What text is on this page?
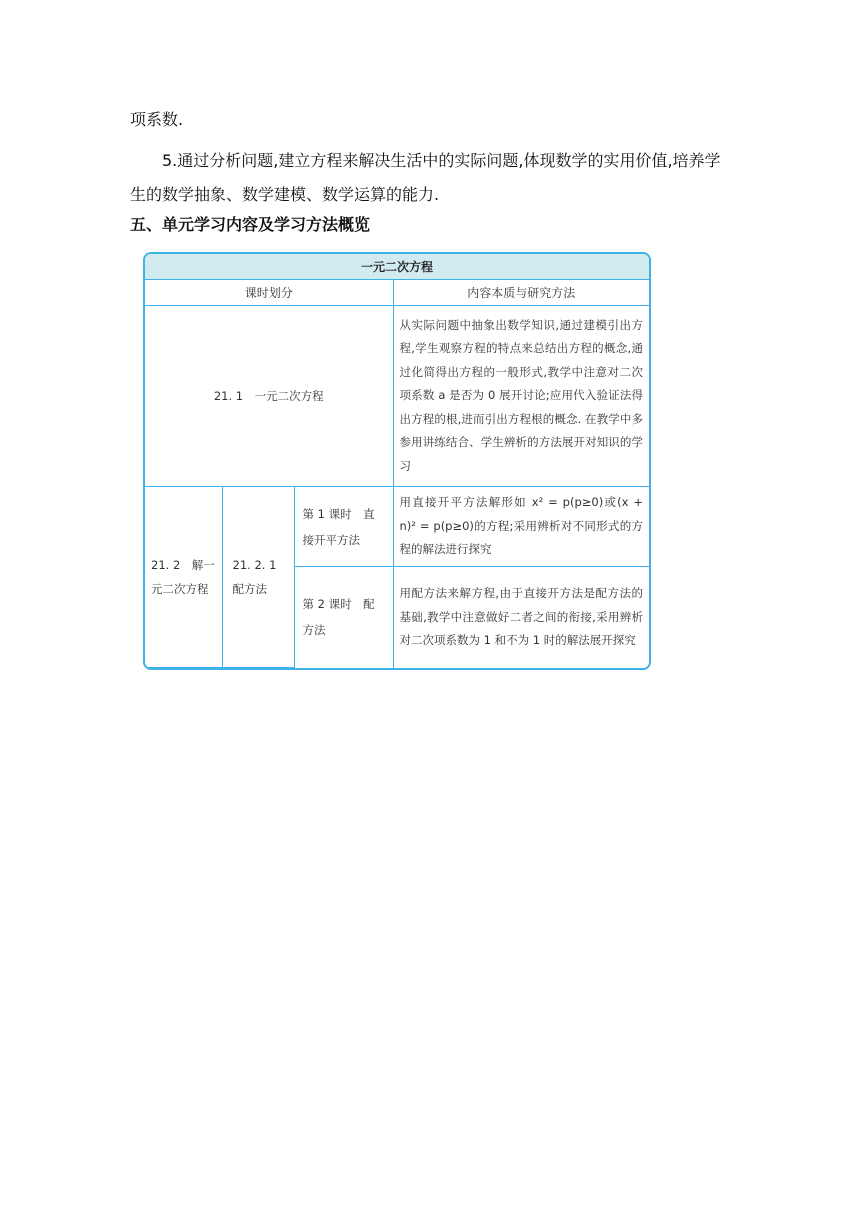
项系数.

5.通过分析问题,建立方程来解决生活中的实际问题,体现数学的实用价值,培养学生的数学抽象、数学建模、数学运算的能力.

五、单元学习内容及学习方法概览

一元二次方程			
课时划分			内容本质与研究方法
21. 1　一元二次方程			从实际问题中抽象出数学知识,通过建模引出方程,学生观察方程的特点来总结出方程的概念,通过化简得出方程的一般形式,教学中注意对二次项系数 a 是否为 0 展开讨论;应用代入验证法得出方程的根,进而引出方程根的概念. 在教学中多参用讲练结合、学生辨析的方法展开对知识的学习
21. 2　解一元二次方程	21. 2. 1 配方法	第 1 课时　直接开平方法	用直接开平方法解形如 x² = p(p≥0)或(x + n)² = p(p≥0)的方程;采用辨析对不同形式的方程的解法进行探究
		第 2 课时　配方法	用配方法来解方程,由于直接开方法是配方法的基础,教学中注意做好二者之间的衔接,采用辨析对二次项系数为 1 和不为 1 时的解法展开探究
